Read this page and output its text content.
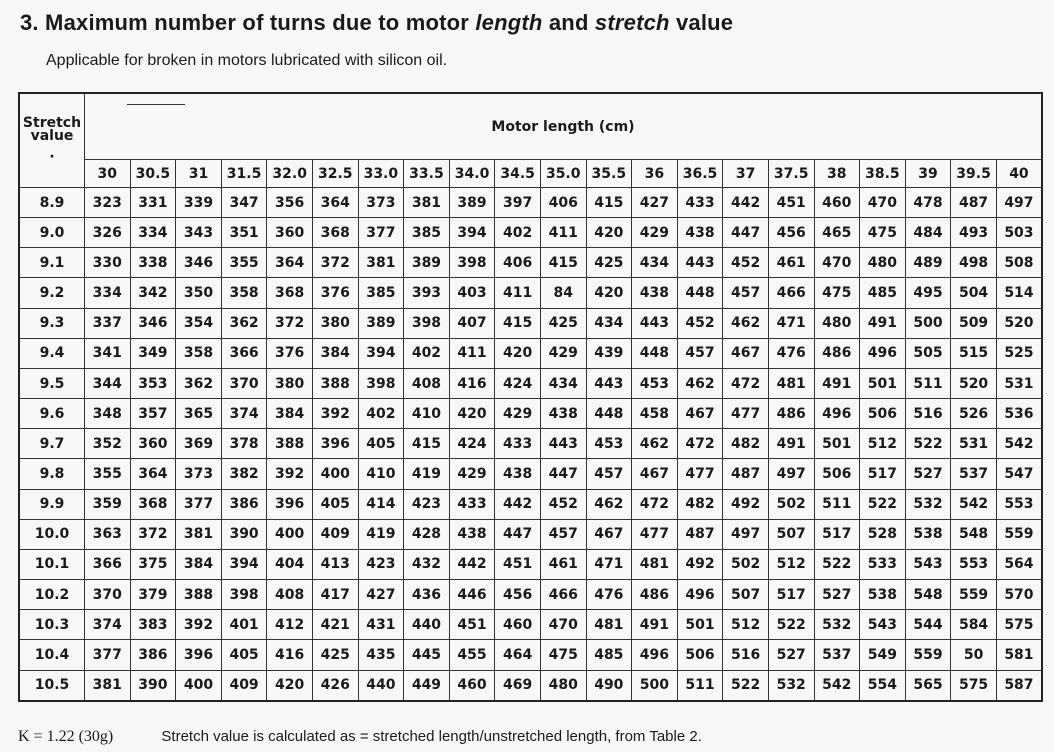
3. Maximum number of turns due to motor length and stretch value
Applicable for broken in motors lubricated with silicon oil.
Stretch value
·	Motor length (cm)																				
	30	30.5	31	31.5	32.0	32.5	33.0	33.5	34.0	34.5	35.0	35.5	36	36.5	37	37.5	38	38.5	39	39.5	40
8.9	323	331	339	347	356	364	373	381	389	397	406	415	427	433	442	451	460	470	478	487	497
9.0	326	334	343	351	360	368	377	385	394	402	411	420	429	438	447	456	465	475	484	493	503
9.1	330	338	346	355	364	372	381	389	398	406	415	425	434	443	452	461	470	480	489	498	508
9.2	334	342	350	358	368	376	385	393	403	411	84	420	438	448	457	466	475	485	495	504	514
9.3	337	346	354	362	372	380	389	398	407	415	425	434	443	452	462	471	480	491	500	509	520
9.4	341	349	358	366	376	384	394	402	411	420	429	439	448	457	467	476	486	496	505	515	525
9.5	344	353	362	370	380	388	398	408	416	424	434	443	453	462	472	481	491	501	511	520	531
9.6	348	357	365	374	384	392	402	410	420	429	438	448	458	467	477	486	496	506	516	526	536
9.7	352	360	369	378	388	396	405	415	424	433	443	453	462	472	482	491	501	512	522	531	542
9.8	355	364	373	382	392	400	410	419	429	438	447	457	467	477	487	497	506	517	527	537	547
9.9	359	368	377	386	396	405	414	423	433	442	452	462	472	482	492	502	511	522	532	542	553
10.0	363	372	381	390	400	409	419	428	438	447	457	467	477	487	497	507	517	528	538	548	559
10.1	366	375	384	394	404	413	423	432	442	451	461	471	481	492	502	512	522	533	543	553	564
10.2	370	379	388	398	408	417	427	436	446	456	466	476	486	496	507	517	527	538	548	559	570
10.3	374	383	392	401	412	421	431	440	451	460	470	481	491	501	512	522	532	543	544	584	575
10.4	377	386	396	405	416	425	435	445	455	464	475	485	496	506	516	527	537	549	559	50	581
10.5	381	390	400	409	420	426	440	449	460	469	480	490	500	511	522	532	542	554	565	575	587
K = 1.22 (30g)	Stretch value is calculated as = stretched length/unstretched length, from Table 2.
